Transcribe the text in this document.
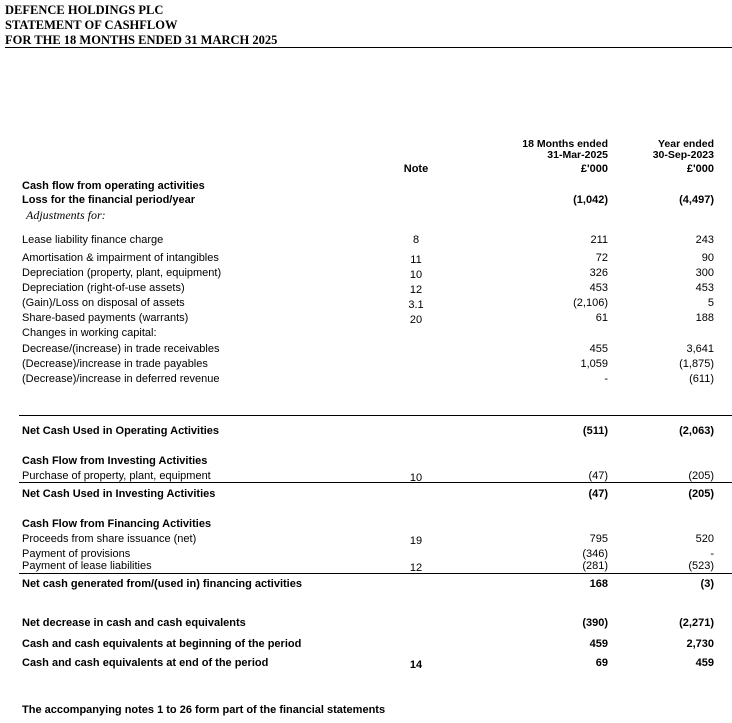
DEFENCE HOLDINGS PLC
STATEMENT OF CASHFLOW
FOR THE 18 MONTHS ENDED 31 MARCH 2025
18 Months ended
31-Mar-2025
Year ended
30-Sep-2023
Note	£'000	£'000
Cash flow from operating activities
Loss for the financial period/year	(1,042)	(4,497)
Adjustments for:
Lease liability finance charge	8	211	243
Amortisation & impairment of intangibles	11	72	90
Depreciation (property, plant, equipment)	10	326	300
Depreciation (right-of-use assets)	12	453	453
(Gain)/Loss on disposal of assets	3.1	(2,106)	5
Share-based payments (warrants)	20	61	188
Changes in working capital:
Decrease/(increase) in trade receivables	455	3,641
(Decrease)/increase in trade payables	1,059	(1,875)
(Decrease)/increase in deferred revenue	-	(611)
Net Cash Used in Operating Activities	(511)	(2,063)
Cash Flow from Investing Activities
Purchase of property, plant, equipment	10	(47)	(205)
Net Cash Used in Investing Activities	(47)	(205)
Cash Flow from Financing Activities
Proceeds from share issuance (net)	19	795	520
Payment of provisions	(346)	-
Payment of lease liabilities	12	(281)	(523)
Net cash generated from/(used in) financing activities	168	(3)
Net decrease in cash and cash equivalents	(390)	(2,271)
Cash and cash equivalents at beginning of the period	459	2,730
Cash and cash equivalents at end of the period	14	69	459
The accompanying notes 1 to 26 form part of the financial statements
